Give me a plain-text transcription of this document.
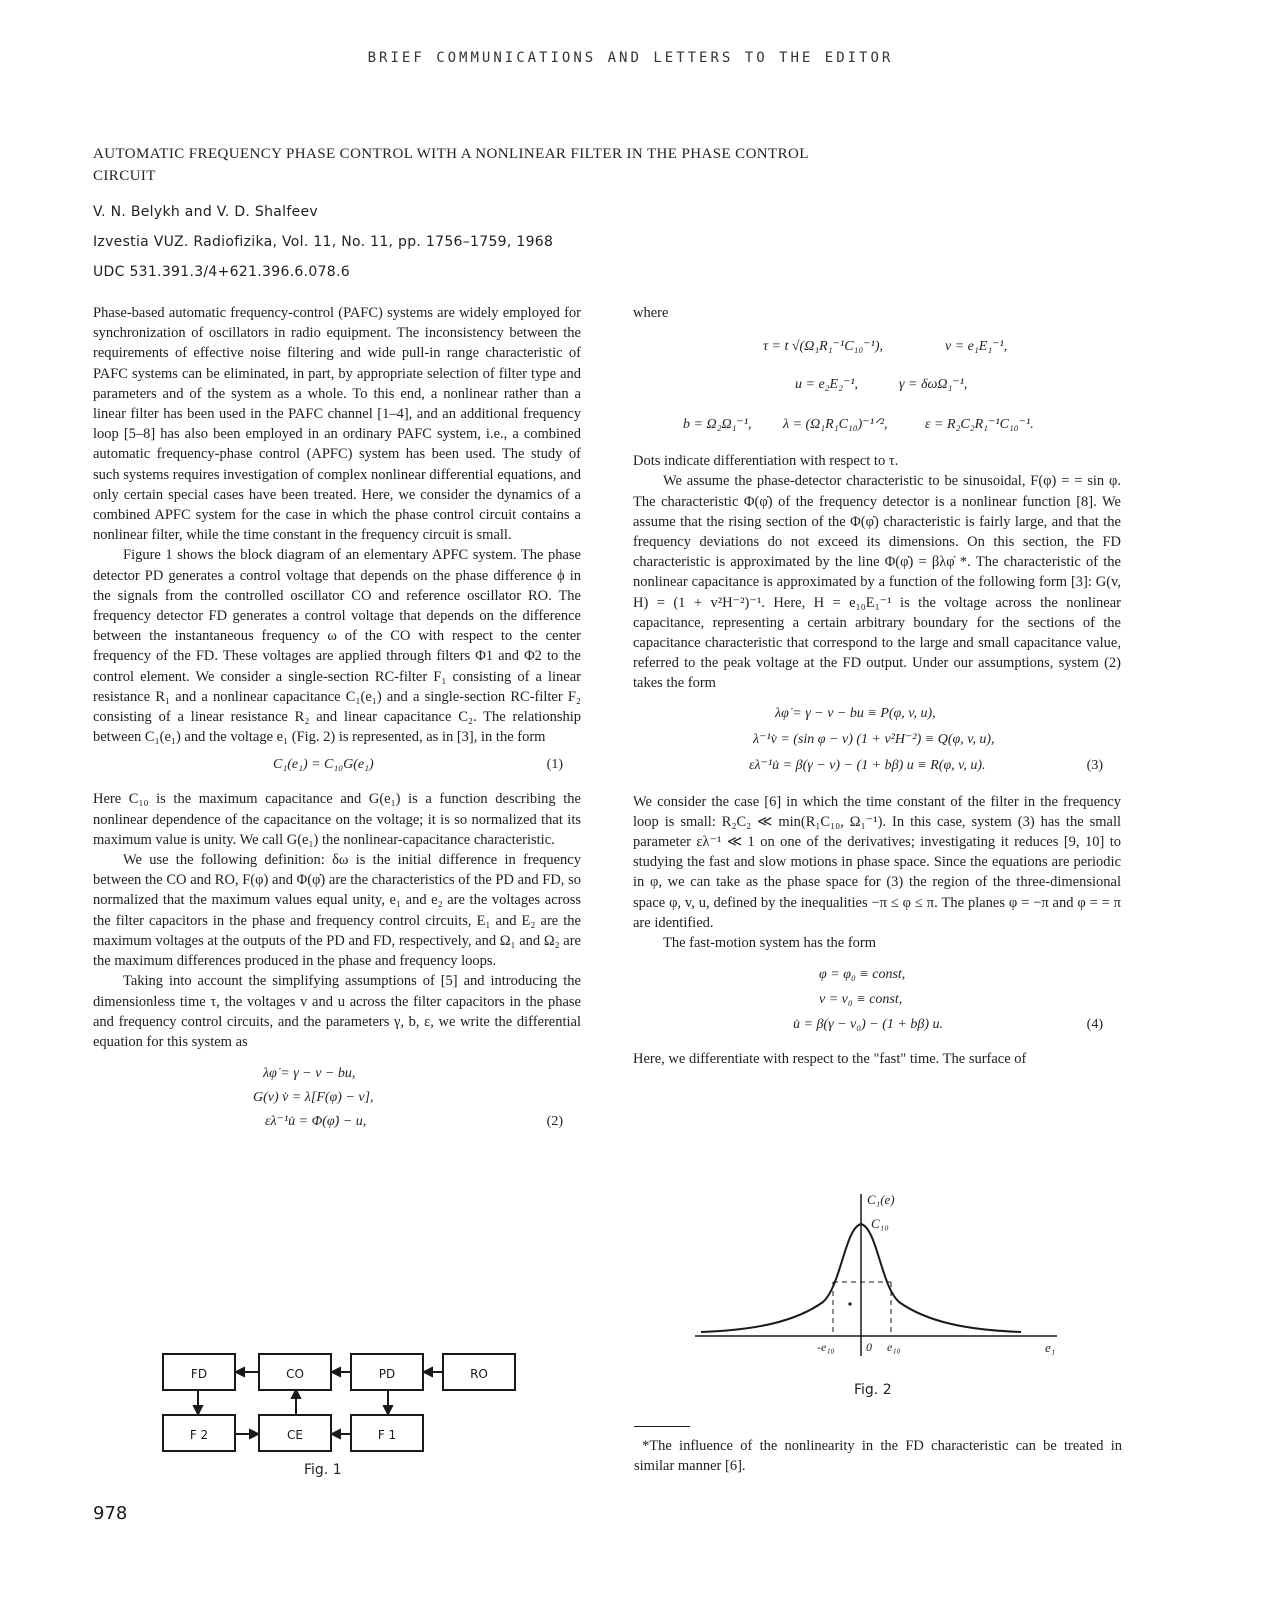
BRIEF COMMUNICATIONS AND LETTERS TO THE EDITOR
AUTOMATIC FREQUENCY PHASE CONTROL WITH A NONLINEAR FILTER IN THE PHASE CONTROL
CIRCUIT
V. N. Belykh and V. D. Shalfeev
Izvestia VUZ. Radiofizika, Vol. 11, No. 11, pp. 1756–1759, 1968
UDC 531.391.3/4+621.396.6.078.6

Phase-based automatic frequency-control (PAFC) systems are widely employed for synchronization of oscillators in radio equipment. The inconsistency between the requirements of effective noise filtering and wide pull-in range characteristic of PAFC systems can be eliminated, in part, by appropriate selection of filter type and parameters and of the system as a whole. To this end, a nonlinear rather than a linear filter has been used in the PAFC channel [1–4], and an additional frequency loop [5–8] has also been employed in an ordinary PAFC system, i.e., a combined automatic frequency-phase control (APFC) system has been used. The study of such systems requires investigation of complex nonlinear differential equations, and only certain special cases have been treated. Here, we consider the dynamics of a combined APFC system for the case in which the phase control circuit contains a nonlinear filter, while the time constant in the frequency circuit is small.

Figure 1 shows the block diagram of an elementary APFC system. The phase detector PD generates a control voltage that depends on the phase difference ϕ in the signals from the controlled oscillator CO and reference oscillator RO. The frequency detector FD generates a control voltage that depends on the difference between the instantaneous frequency ω of the CO with respect to the center frequency of the FD. These voltages are applied through filters Φ1 and Φ2 to the control element. We consider a single-section RC-filter F₁ consisting of a linear resistance R₁ and a nonlinear capacitance C₁(e₁) and a single-section RC-filter F₂ consisting of a linear resistance R₂ and linear capacitance C₂. The relationship between C₁(e₁) and the voltage e₁ (Fig. 2) is represented, as in [3], in the form

C₁(e₁) = C₁₀G(e₁)	(1)

Here C₁₀ is the maximum capacitance and G(e₁) is a function describing the nonlinear dependence of the capacitance on the voltage; it is so normalized that its maximum value is unity. We call G(e₁) the nonlinear-capacitance characteristic.

We use the following definition: δω is the initial difference in frequency between the CO and RO, F(φ) and Φ(φ̇) are the characteristics of the PD and FD, so normalized that the maximum values equal unity, e₁ and e₂ are the voltages across the filter capacitors in the phase and frequency control circuits, E₁ and E₂ are the maximum voltages at the outputs of the PD and FD, respectively, and Ω₁ and Ω₂ are the maximum differences produced in the phase and frequency loops.

Taking into account the simplifying assumptions of [5] and introducing the dimensionless time τ, the voltages v and u across the filter capacitors in the phase and frequency control circuits, and the parameters γ, b, ε, we write the differential equation for this system as

λφ̇ = γ − v − bu,
G(v) v̇ = λ[F(φ) − v],
ελ⁻¹u̇ = Φ(φ̇) − u,	(2)
FD	CO	PD	RO
F 2	CE	F 1
Fig. 1

where

τ = t √(Ω₁R₁⁻¹C₁₀⁻¹),	v = e₁E₁⁻¹,
u = e₂E₂⁻¹,	γ = δωΩ₁⁻¹,
b = Ω₂Ω₁⁻¹, λ = (Ω₁R₁C₁₀)⁻¹ᐟ²,	ε = R₂C₂R₁⁻¹C₁₀⁻¹.

Dots indicate differentiation with respect to τ.

We assume the phase-detector characteristic to be sinusoidal, F(φ) = = sin φ. The characteristic Φ(φ̇) of the frequency detector is a nonlinear function [8]. We assume that the rising section of the Φ(φ̇) characteristic is fairly large, and that the frequency deviations do not exceed its dimensions. On this section, the FD characteristic is approximated by the line Φ(φ̇) = βλφ̇ *. The characteristic of the nonlinear capacitance is approximated by a function of the following form [3]: G(v, H) = (1 + v²H⁻²)⁻¹. Here, H = e₁₀E₁⁻¹ is the voltage across the nonlinear capacitance, representing a certain arbitrary boundary for the sections of the capacitance characteristic that correspond to the large and small capacitance value, referred to the peak voltage at the FD output. Under our assumptions, system (2) takes the form

λφ̇ = γ − v − bu ≡ P(φ, v, u),
λ⁻¹v̇ = (sin φ − v) (1 + v²H⁻²) ≡ Q(φ, v, u),
ελ⁻¹u̇ = β(γ − v) − (1 + bβ) u ≡ R(φ, v, u).	(3)

We consider the case [6] in which the time constant of the filter in the frequency loop is small: R₂C₂ ≪ min(R₁C₁₀, Ω₁⁻¹). In this case, system (3) has the small parameter ελ⁻¹ ≪ 1 on one of the derivatives; investigating it reduces [9, 10] to studying the fast and slow motions in phase space. Since the equations are periodic in φ, we can take as the phase space for (3) the region of the three-dimensional space φ, v, u, defined by the inequalities −π ≤ φ ≤ π. The planes φ = −π and φ = = π are identified.

The fast-motion system has the form

φ = φ₀ ≡ const,
v = v₀ ≡ const,
u̇ = β(γ − v₀) − (1 + bβ) u.	(4)

Here, we differentiate with respect to the "fast" time. The surface of

C₁(e)
C₁₀
-e₁₀	0 e₁₀	e₁
Fig. 2

*The influence of the nonlinearity in the FD characteristic can be treated in similar manner [6].

978
